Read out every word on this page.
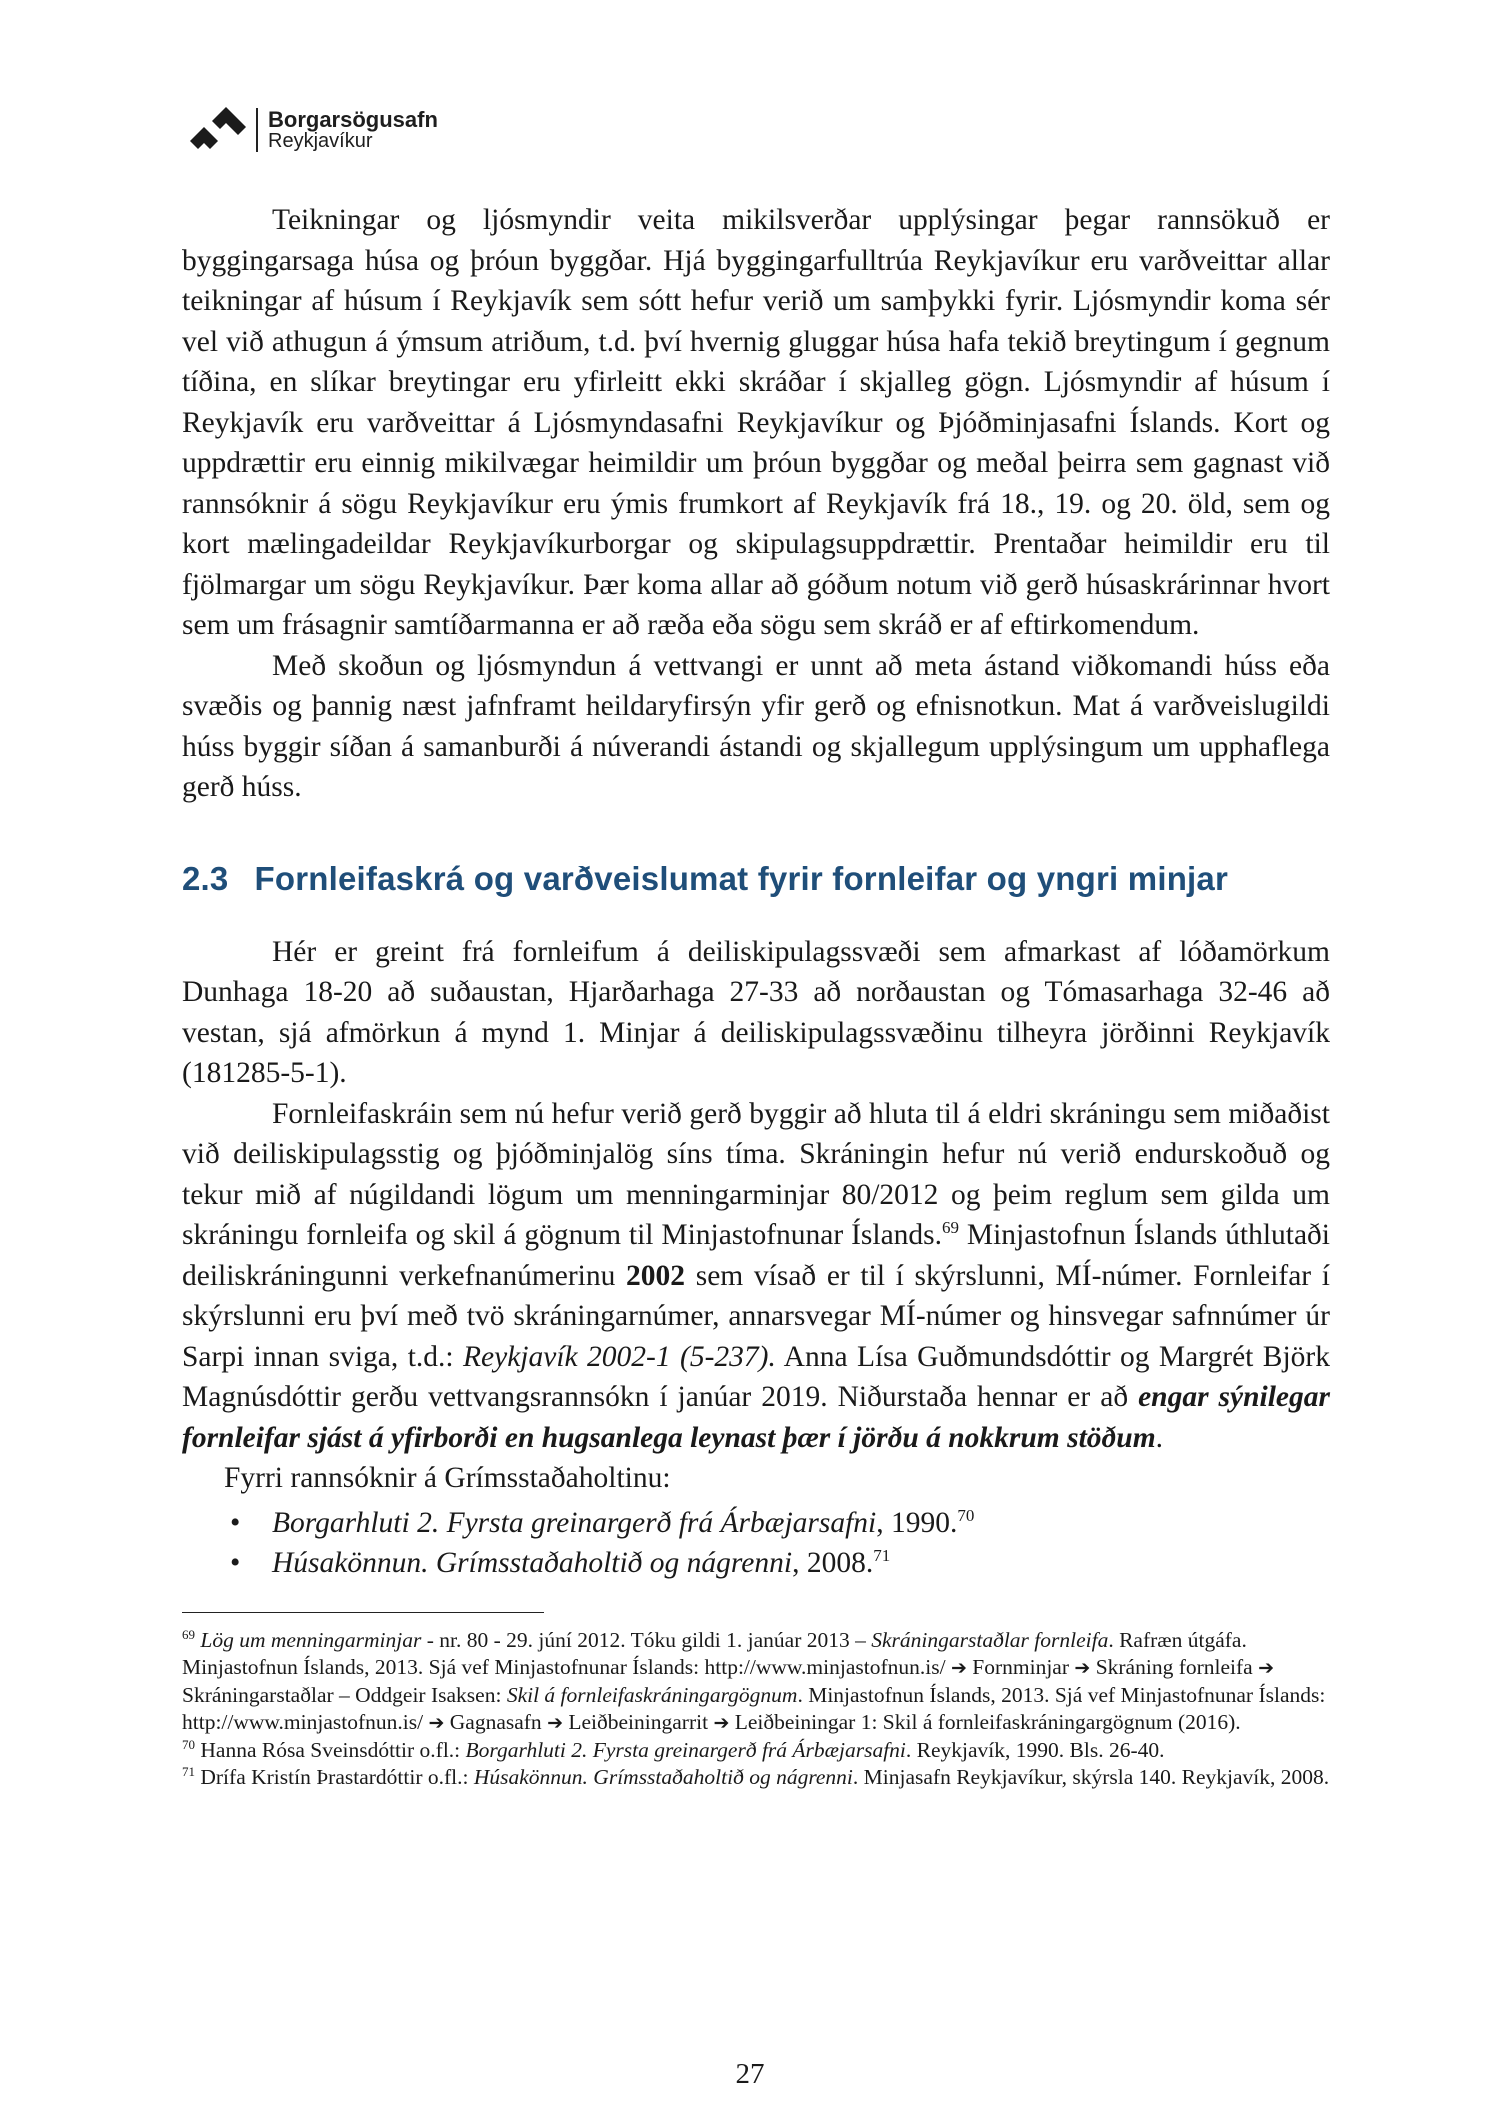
Borgarsögusafn
Reykjavíkur

Teikningar og ljósmyndir veita mikilsverðar upplýsingar þegar rannsökuð er byggingarsaga húsa og þróun byggðar. Hjá byggingarfulltrúa Reykjavíkur eru varðveittar allar teikningar af húsum í Reykjavík sem sótt hefur verið um samþykki fyrir. Ljósmyndir koma sér vel við athugun á ýmsum atriðum, t.d. því hvernig gluggar húsa hafa tekið breytingum í gegnum tíðina, en slíkar breytingar eru yfirleitt ekki skráðar í skjalleg gögn. Ljósmyndir af húsum í Reykjavík eru varðveittar á Ljósmyndasafni Reykjavíkur og Þjóðminjasafni Íslands. Kort og uppdrættir eru einnig mikilvægar heimildir um þróun byggðar og meðal þeirra sem gagnast við rannsóknir á sögu Reykjavíkur eru ýmis frumkort af Reykjavík frá 18., 19. og 20. öld, sem og kort mælingadeildar Reykjavíkurborgar og skipulagsuppdrættir. Prentaðar heimildir eru til fjölmargar um sögu Reykjavíkur. Þær koma allar að góðum notum við gerð húsaskrárinnar hvort sem um frásagnir samtíðarmanna er að ræða eða sögu sem skráð er af eftirkomendum.

Með skoðun og ljósmyndun á vettvangi er unnt að meta ástand viðkomandi húss eða svæðis og þannig næst jafnframt heildaryfirsýn yfir gerð og efnisnotkun. Mat á varðveislugildi húss byggir síðan á samanburði á núverandi ástandi og skjallegum upplýsingum um upphaflega gerð húss.

2.3 Fornleifaskrá og varðveislumat fyrir fornleifar og yngri minjar

Hér er greint frá fornleifum á deiliskipulagssvæði sem afmarkast af lóðamörkum Dunhaga 18-20 að suðaustan, Hjarðarhaga 27-33 að norðaustan og Tómasarhaga 32-46 að vestan, sjá afmörkun á mynd 1. Minjar á deiliskipulagssvæðinu tilheyra jörðinni Reykjavík (181285-5-1).

Fornleifaskráin sem nú hefur verið gerð byggir að hluta til á eldri skráningu sem miðaðist við deiliskipulagsstig og þjóðminjalög síns tíma. Skráningin hefur nú verið endurskoðuð og tekur mið af núgildandi lögum um menningarminjar 80/2012 og þeim reglum sem gilda um skráningu fornleifa og skil á gögnum til Minjastofnunar Íslands.$^{69}$ Minjastofnun Íslands úthlutaði deiliskráningunni verkefnanúmerinu 2002 sem vísað er til í skýrslunni, MÍ-númer. Fornleifar í skýrslunni eru því með tvö skráningarnúmer, annarsvegar MÍ-númer og hinsvegar safnnúmer úr Sarpi innan sviga, t.d.: Reykjavík 2002-1 (5-237). Anna Lísa Guðmundsdóttir og Margrét Björk Magnúsdóttir gerðu vettvangsrannsókn í janúar 2019. Niðurstaða hennar er að engar sýnilegar fornleifar sjást á yfirborði en hugsanlega leynast þær í jörðu á nokkrum stöðum.

Fyrri rannsóknir á Grímsstaðaholtinu:

• Borgarhluti 2. Fyrsta greinargerð frá Árbæjarsafni, 1990.70
• Húsakönnun. Grímsstaðaholtið og nágrenni, 2008.71
$^{69}$ Lög um menningarminjar - nr. 80 - 29. júní 2012. Tóku gildi 1. janúar 2013 – Skráningarstaðlar fornleifa. Rafræn útgáfa. Minjastofnun Íslands, 2013. Sjá vef Minjastofnunar Íslands: http://www.minjastofnun.is/ ➔ Fornminjar ➔ Skráning fornleifa ➔ Skráningarstaðlar – Oddgeir Isaksen: Skil á fornleifaskráningargögnum. Minjastofnun Íslands, 2013. Sjá vef Minjastofnunar Íslands: http://www.minjastofnun.is/ ➔ Gagnasafn ➔ Leiðbeiningarrit ➔ Leiðbeiningar 1: Skil á fornleifaskráningargögnum (2016).
$^{70}$ Hanna Rósa Sveinsdóttir o.fl.: Borgarhluti 2. Fyrsta greinargerð frá Árbæjarsafni. Reykjavík, 1990. Bls. 26-40.
$^{71}$ Drífa Kristín Þrastardóttir o.fl.: Húsakönnun. Grímsstaðaholtið og nágrenni. Minjasafn Reykjavíkur, skýrsla 140. Reykjavík, 2008.
27
